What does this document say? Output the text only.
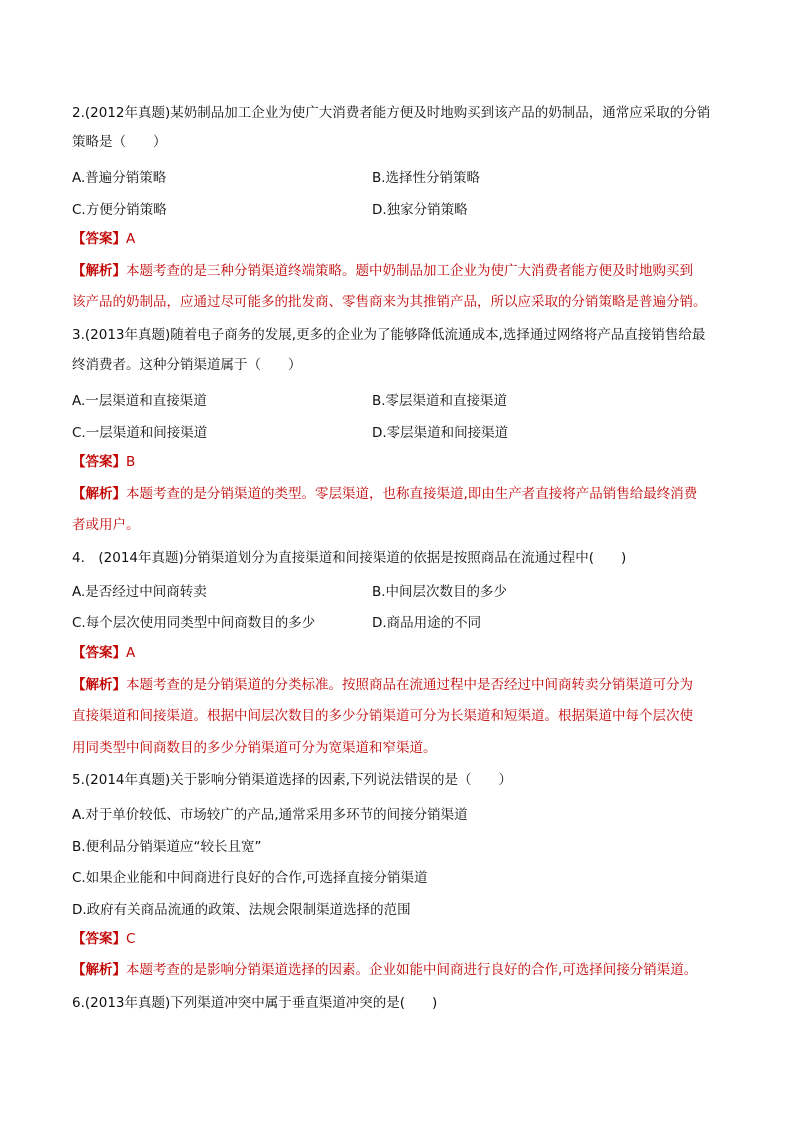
2.(2012年真题)某奶制品加工企业为使广大消费者能方便及时地购买到该产品的奶制品，通常应采取的分销
策略是（　　）
A.普遍分销策略	B.选择性分销策略
C.方便分销策略	D.独家分销策略
【答案】A
【解析】本题考查的是三种分销渠道终端策略。题中奶制品加工企业为使广大消费者能方便及时地购买到
该产品的奶制品，应通过尽可能多的批发商、零售商来为其推销产品，所以应采取的分销策略是普遍分销。
3.(2013年真题)随着电子商务的发展,更多的企业为了能够降低流通成本,选择通过网络将产品直接销售给最
终消费者。这种分销渠道属于（　　）
A.一层渠道和直接渠道	B.零层渠道和直接渠道
C.一层渠道和间接渠道	D.零层渠道和间接渠道
【答案】B
【解析】本题考查的是分销渠道的类型。零层渠道，也称直接渠道,即由生产者直接将产品销售给最终消费
者或用户。
4.　(2014年真题)分销渠道划分为直接渠道和间接渠道的依据是按照商品在流通过程中(　　)
A.是否经过中间商转卖	B.中间层次数目的多少
C.每个层次使用同类型中间商数目的多少	D.商品用途的不同
【答案】A
【解析】本题考查的是分销渠道的分类标准。按照商品在流通过程中是否经过中间商转卖分销渠道可分为
直接渠道和间接渠道。根据中间层次数目的多少分销渠道可分为长渠道和短渠道。根据渠道中每个层次使
用同类型中间商数目的多少分销渠道可分为宽渠道和窄渠道。
5.(2014年真题)关于影响分销渠道选择的因素,下列说法错误的是（　　）
A.对于单价较低、市场较广的产品,通常采用多环节的间接分销渠道
B.便利品分销渠道应“较长且宽”
C.如果企业能和中间商进行良好的合作,可选择直接分销渠道
D.政府有关商品流通的政策、法规会限制渠道选择的范围
【答案】C
【解析】本题考查的是影响分销渠道选择的因素。企业如能中间商进行良好的合作,可选择间接分销渠道。
6.(2013年真题)下列渠道冲突中属于垂直渠道冲突的是(　　)
